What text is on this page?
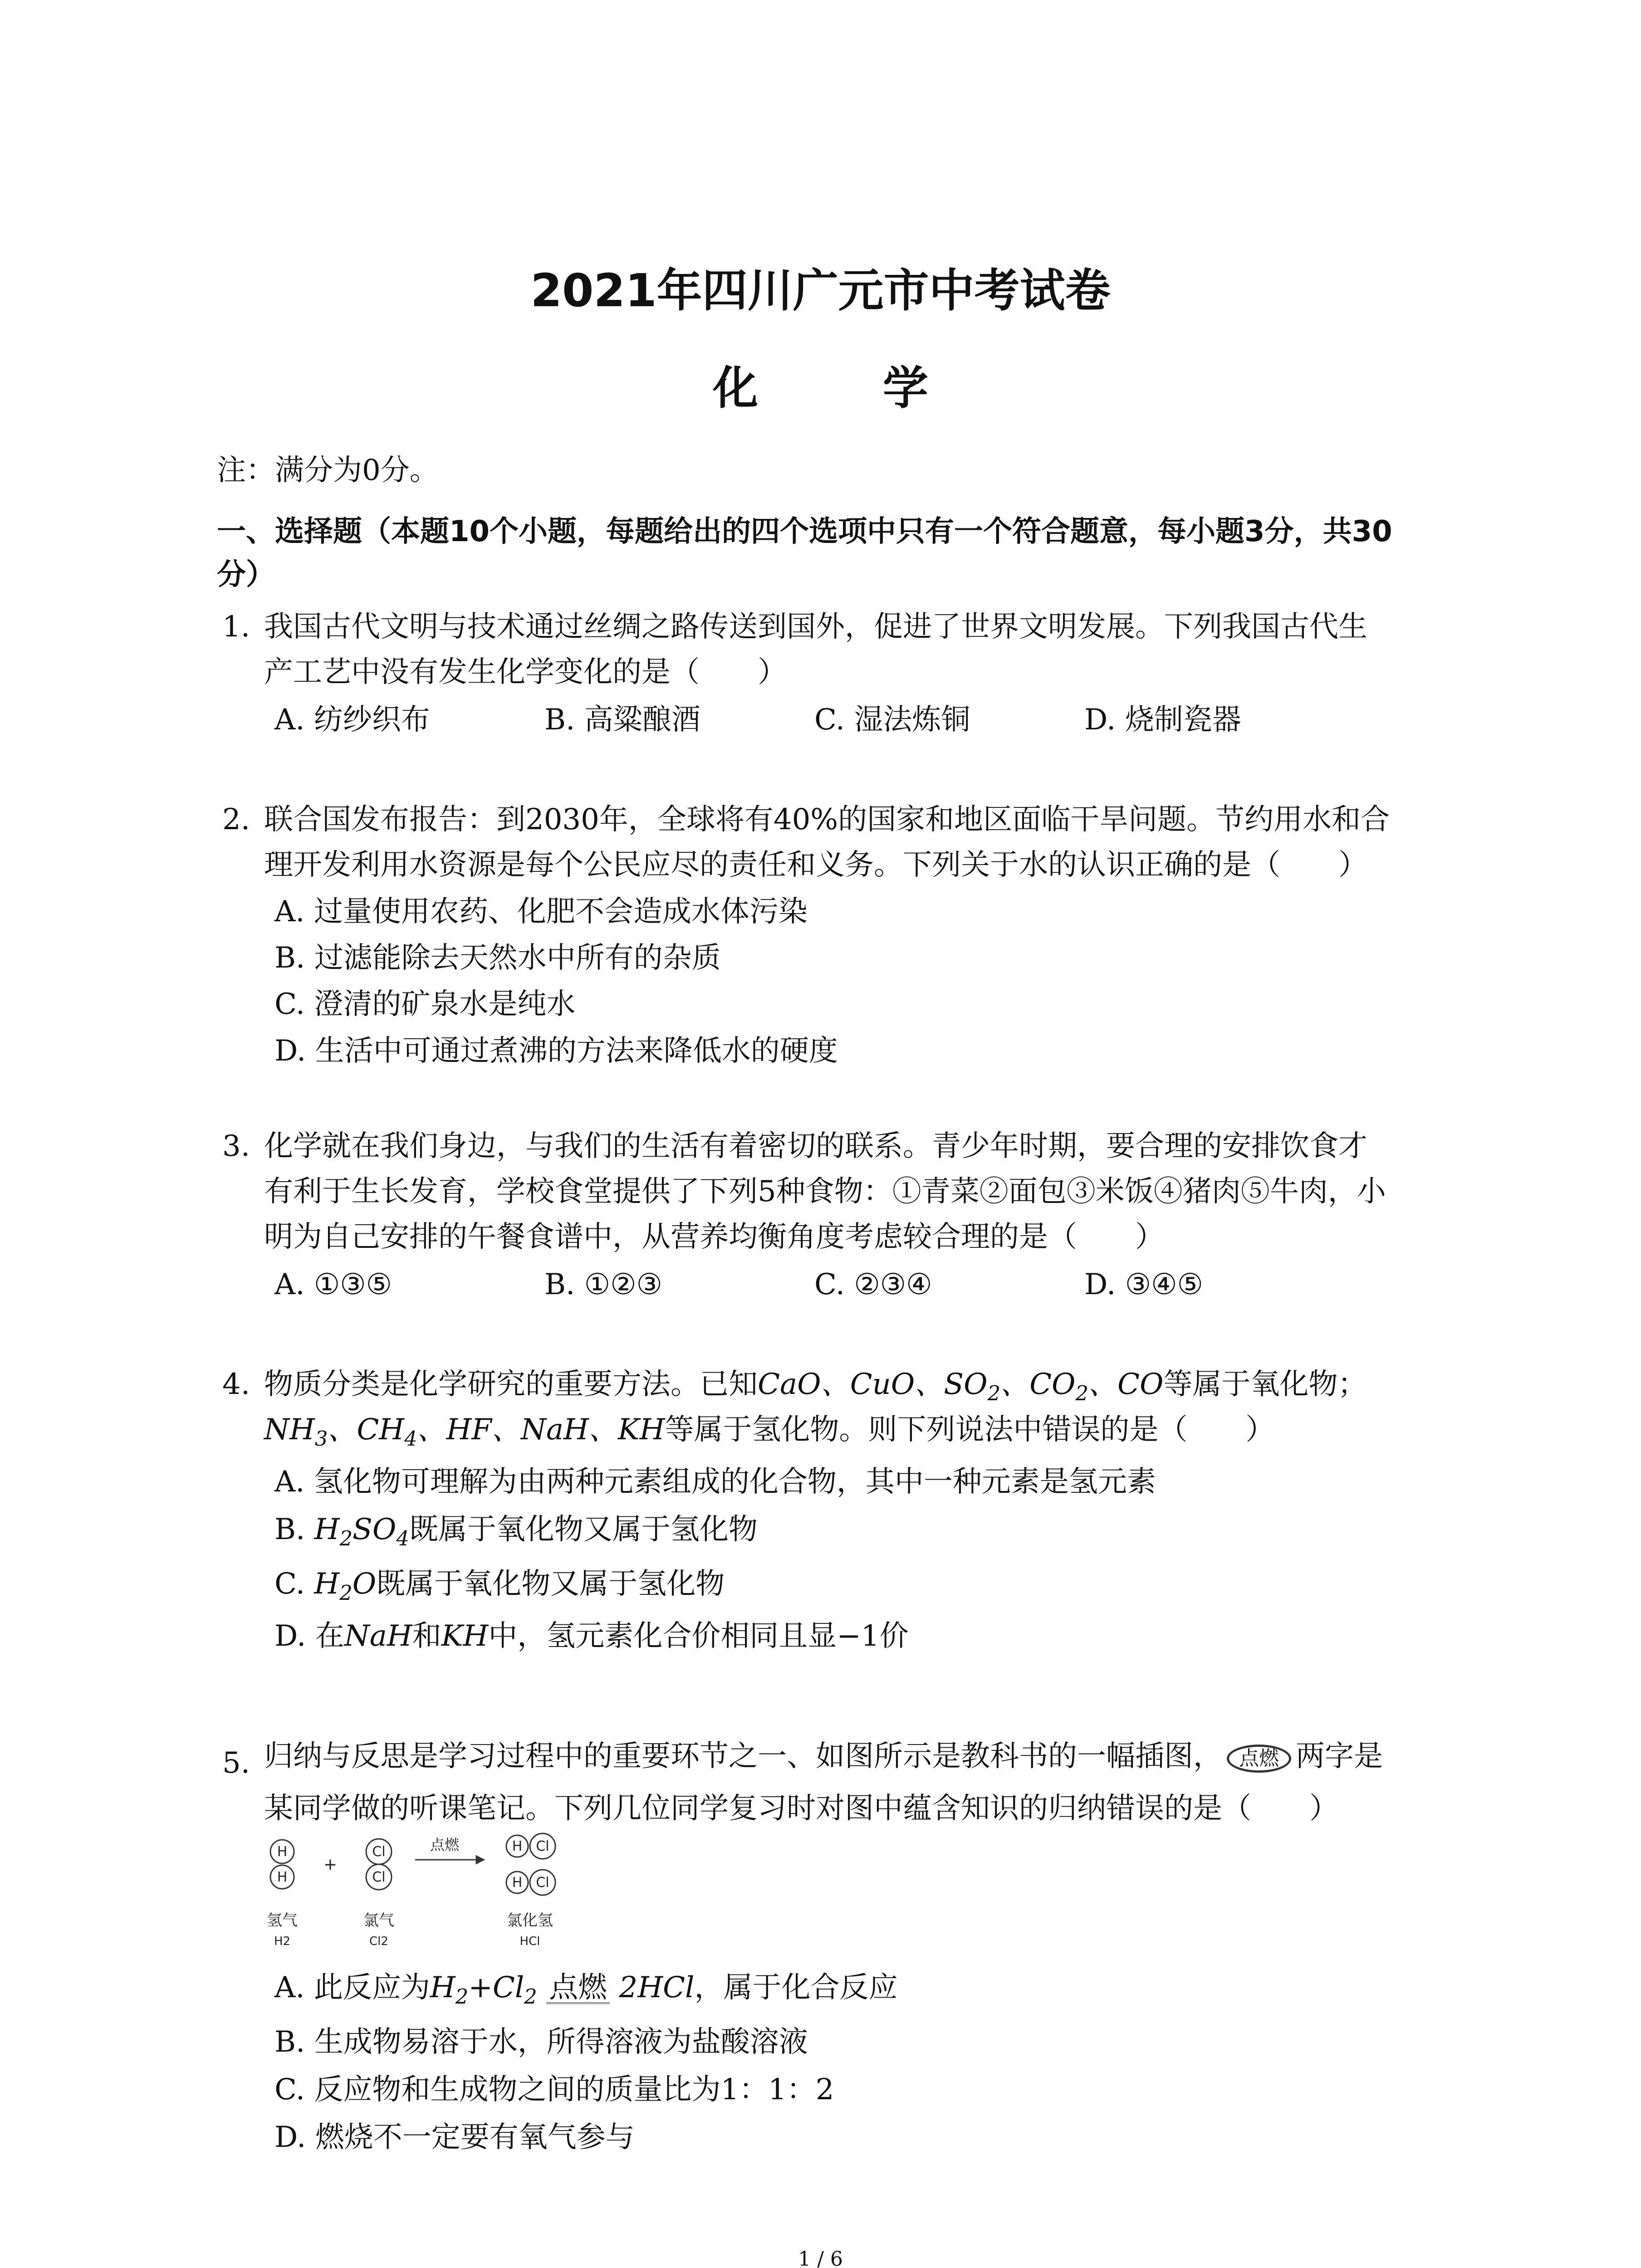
2021年四川广元市中考试卷
化 学
注：满分为0分。
一、选择题（本题10个小题，每题给出的四个选项中只有一个符合题意，每小题3分，共30
分）
1. 我国古代文明与技术通过丝绸之路传送到国外，促进了世界文明发展。下列我国古代生
产工艺中没有发生化学变化的是（　　）
A. 纺纱织布	B. 高粱酿酒	C. 湿法炼铜	D. 烧制瓷器
2. 联合国发布报告：到2030年，全球将有40%的国家和地区面临干旱问题。节约用水和合
理开发利用水资源是每个公民应尽的责任和义务。下列关于水的认识正确的是（　　）
A. 过量使用农药、化肥不会造成水体污染
B. 过滤能除去天然水中所有的杂质
C. 澄清的矿泉水是纯水
D. 生活中可通过煮沸的方法来降低水的硬度
3. 化学就在我们身边，与我们的生活有着密切的联系。青少年时期，要合理的安排饮食才
有利于生长发育，学校食堂提供了下列5种食物：①青菜②面包③米饭④猪肉⑤牛肉，小
明为自己安排的午餐食谱中，从营养均衡角度考虑较合理的是（　　）
A. ①③⑤	B. ①②③	C. ②③④	D. ③④⑤
4. 物质分类是化学研究的重要方法。已知CaO、CuO、$SO_2$、$CO_2$、CO等属于氧化物；
$NH_3$、$CH_4$、HF、NaH、KH等属于氢化物。则下列说法中错误的是（　　）
A. 氢化物可理解为由两种元素组成的化合物，其中一种元素是氢元素
B. $H_2SO_4$既属于氧化物又属于氢化物
C. $H_2O$既属于氧化物又属于氢化物
D. 在NaH和KH中，氢元素化合价相同且显−1价
5. 归纳与反思是学习过程中的重要环节之一、如图所示是教科书的一幅插图， 点燃 两字是
某同学做的听课笔记。下列几位同学复习时对图中蕴含知识的归纳错误的是（　　）
H
H
Cl
Cl
H Cl
H Cl
+
点燃
氢气	氯气	氯化氢
H2	Cl2	HCl
A. 此反应为$H_2+Cl_2$ 点燃 2HCl，属于化合反应
B. 生成物易溶于水，所得溶液为盐酸溶液
C. 反应物和生成物之间的质量比为1：1：2
D. 燃烧不一定要有氧气参与
1 / 6
